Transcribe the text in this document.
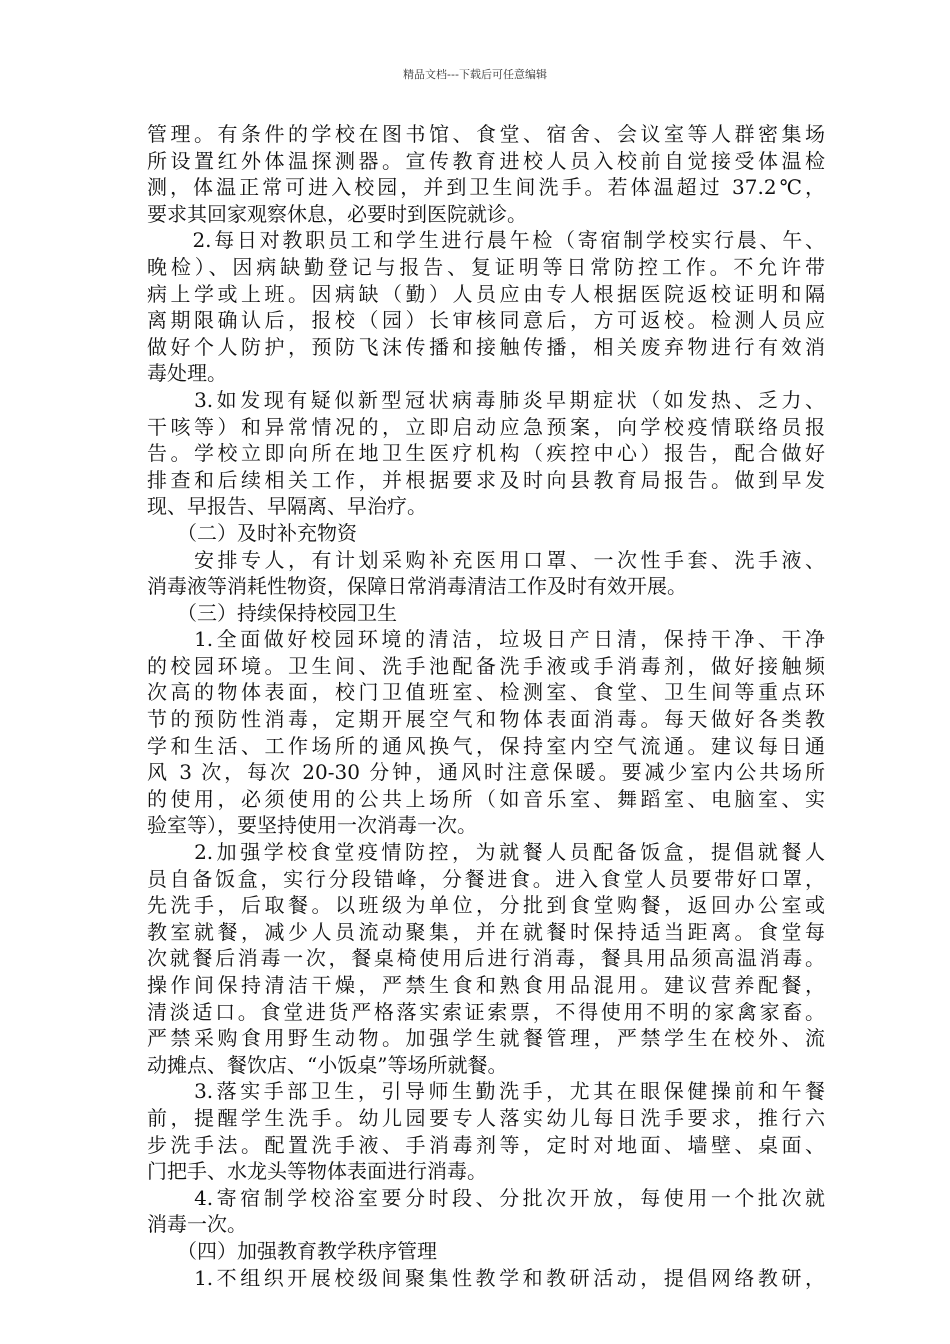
精品文档---下载后可任意编辑
管理。有条件的学校在图书馆、食堂、宿舍、会议室等人群密集场
所设置红外体温探测器。宣传教育进校人员入校前自觉接受体温检
测，体温正常可进入校园，并到卫生间洗手。若体温超过 37.2℃，
要求其回家观察休息，必要时到医院就诊。
　　2.每日对教职员工和学生进行晨午检（寄宿制学校实行晨、午、
晚检）、因病缺勤登记与报告、复证明等日常防控工作。不允许带
病上学或上班。因病缺（勤）人员应由专人根据医院返校证明和隔
离期限确认后，报校（园）长审核同意后，方可返校。检测人员应
做好个人防护，预防飞沫传播和接触传播，相关废弃物进行有效消
毒处理。
　　3.如发现有疑似新型冠状病毒肺炎早期症状（如发热、乏力、
干咳等）和异常情况的，立即启动应急预案，向学校疫情联络员报
告。学校立即向所在地卫生医疗机构（疾控中心）报告，配合做好
排查和后续相关工作，并根据要求及时向县教育局报告。做到早发
现、早报告、早隔离、早治疗。
　　（二）及时补充物资
　　安排专人，有计划采购补充医用口罩、一次性手套、洗手液、
消毒液等消耗性物资，保障日常消毒清洁工作及时有效开展。
　　（三）持续保持校园卫生
　　1.全面做好校园环境的清洁，垃圾日产日清，保持干净、干净
的校园环境。卫生间、洗手池配备洗手液或手消毒剂，做好接触频
次高的物体表面，校门卫值班室、检测室、食堂、卫生间等重点环
节的预防性消毒，定期开展空气和物体表面消毒。每天做好各类教
学和生活、工作场所的通风换气，保持室内空气流通。建议每日通
风 3 次，每次 20-30 分钟，通风时注意保暖。要减少室内公共场所
的使用，必须使用的公共上场所（如音乐室、舞蹈室、电脑室、实
验室等），要坚持使用一次消毒一次。
　　2.加强学校食堂疫情防控，为就餐人员配备饭盒，提倡就餐人
员自备饭盒，实行分段错峰，分餐进食。进入食堂人员要带好口罩，
先洗手，后取餐。以班级为单位，分批到食堂购餐，返回办公室或
教室就餐，减少人员流动聚集，并在就餐时保持适当距离。食堂每
次就餐后消毒一次，餐桌椅使用后进行消毒，餐具用品须高温消毒。
操作间保持清洁干燥，严禁生食和熟食用品混用。建议营养配餐，
清淡适口。食堂进货严格落实索证索票，不得使用不明的家禽家畜。
严禁采购食用野生动物。加强学生就餐管理，严禁学生在校外、流
动摊点、餐饮店、“小饭桌”等场所就餐。
　　3.落实手部卫生，引导师生勤洗手，尤其在眼保健操前和午餐
前，提醒学生洗手。幼儿园要专人落实幼儿每日洗手要求，推行六
步洗手法。配置洗手液、手消毒剂等，定时对地面、墙壁、桌面、
门把手、水龙头等物体表面进行消毒。
　　4.寄宿制学校浴室要分时段、分批次开放，每使用一个批次就
消毒一次。
　　（四）加强教育教学秩序管理
　　1.不组织开展校级间聚集性教学和教研活动，提倡网络教研，
